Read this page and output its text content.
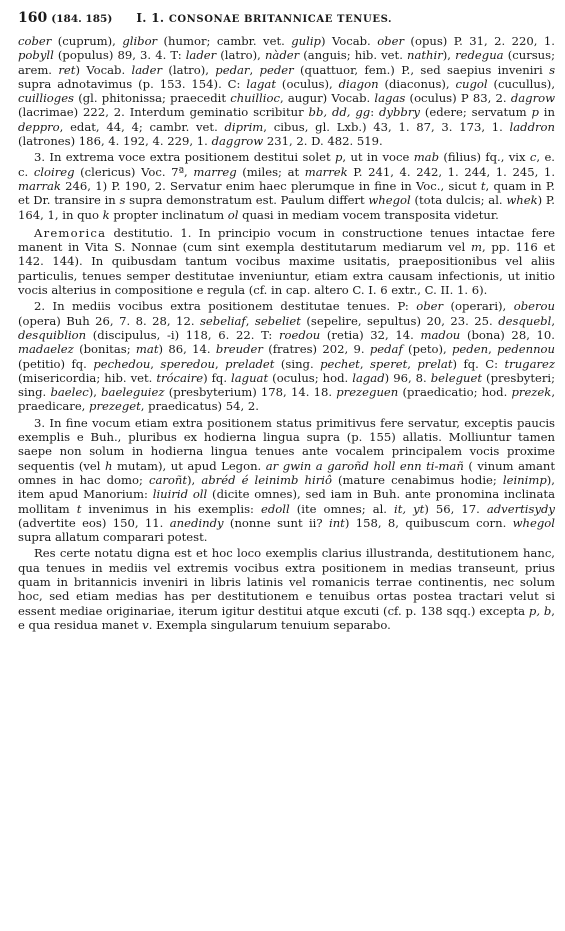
160 (184. 185) I. 1. CONSONAE BRITANNICAE TENUES.

cober (cuprum), glibor (humor; cambr. vet. gulip) Vocab. ober (opus) P. 31, 2. 220, 1. pobyll (populus) 89, 3. 4. T: lader (latro), nàder (anguis; hib. vet. nathir), redegua (cursus; arem. ret) Vocab. lader (latro), pedar, peder (quattuor, fem.) P., sed saepius inveniri s supra adnotavimus (p. 153. 154). C: lagat (oculus), diagon (diaconus), cugol (cucullus), cuillioges (gl. phitonissa; praecedit chuillioc, augur) Vocab. lagas (oculus) P 83, 2. dagrow (lacrimae) 222, 2. Interdum geminatio scribitur bb, dd, gg: dybbry (edere; servatum p in deppro, edat, 44, 4; cambr. vet. diprim, cibus, gl. Lxb.) 43, 1. 87, 3. 173, 1. laddron (latrones) 186, 4. 192, 4. 229, 1. daggrow 231, 2. D. 482. 519.

3. In extrema voce extra positionem destitui solet p, ut in voce mab (filius) fq., vix c, e. c. cloireg (clericus) Voc. 7ª, marreg (miles; at marrek P. 241, 4. 242, 1. 244, 1. 245, 1. marrak 246, 1) P. 190, 2. Servatur enim haec plerumque in fine in Voc., sicut t, quam in P. et Dr. transire in s supra demonstratum est. Paulum differt whegol (tota dulcis; al. whek) P. 164, 1, in quo k propter inclinatum ol quasi in mediam vocem transposita videtur.

Aremorica destitutio. 1. In principio vocum in constructione tenues intactae fere manent in Vita S. Nonnae (cum sint exempla destitutarum mediarum vel m, pp. 116 et 142. 144). In quibusdam tantum vocibus maxime usitatis, praepositionibus vel aliis particulis, tenues semper destitutae inveniuntur, etiam extra causam infectionis, ut initio vocis alterius in compositione e regula (cf. in cap. altero C. I. 6 extr., C. II. 1. 6).

2. In mediis vocibus extra positionem destitutae tenues. P: ober (operari), oberou (opera) Buh 26, 7. 8. 28, 12. sebeliaf, sebeliet (sepelire, sepultus) 20, 23. 25. desquebl, desquiblion (discipulus, -i) 118, 6. 22. T: roedou (retia) 32, 14. madou (bona) 28, 10. madaelez (bonitas; mat) 86, 14. breuder (fratres) 202, 9. pedaf (peto), peden, pedennou (petitio) fq. pechedou, speredou, preladet (sing. pechet, speret, prelat) fq. C: trugarez (misericordia; hib. vet. trócaire) fq. laguat (oculus; hod. lagad) 96, 8. beleguet (presbyteri; sing. baelec), baeleguiez (presbyterium) 178, 14. 18. prezeguen (praedicatio; hod. prezek, praedicare, prezeget, praedicatus) 54, 2.

3. In fine vocum etiam extra positionem status primitivus fere servatur, exceptis paucis exemplis e Buh., pluribus ex hodierna lingua supra (p. 155) allatis. Molliuntur tamen saepe non solum in hodierna lingua tenues ante vocalem principalem vocis proxime sequentis (vel h mutam), ut apud Legon. ar gwin a garoñd holl enn ti-mañ ( vinum amant omnes in hac domo; caroñt), abréd é leinimb hiriô (mature cenabimus hodie; leinimp), item apud Manorium: liuirid oll (dicite omnes), sed iam in Buh. ante pronomina inclinata mollitam t invenimus in his exemplis: edoll (ite omnes; al. it, yt) 56, 17. advertisydy (advertite eos) 150, 11. anedindy (nonne sunt ii? int) 158, 8, quibuscum corn. whegol supra allatum comparari potest.

Res certe notatu digna est et hoc loco exemplis clarius illustranda, destitutionem hanc, qua tenues in mediis vel extremis vocibus extra positionem in medias transeunt, prius quam in britannicis inveniri in libris latinis vel romanicis terrae continentis, nec solum hoc, sed etiam medias has per destitutionem e tenuibus ortas postea tractari velut si essent mediae originariae, iterum igitur destitui atque excuti (cf. p. 138 sqq.) excepta p, b, e qua residua manet v. Exempla singularum tenuium separabo.
